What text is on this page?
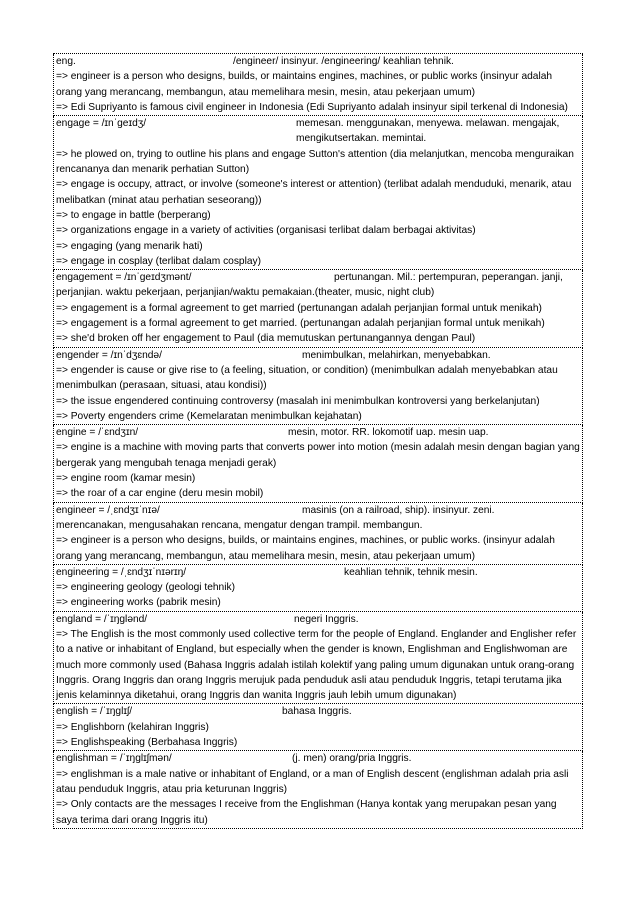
eng.	/engineer/ insinyur. /engineering/ keahlian tehnik.
=> engineer is a person who designs, builds, or maintains engines, machines, or public works (insinyur adalah orang yang merancang, membangun, atau memelihara mesin, mesin, atau pekerjaan umum)
=> Edi Supriyanto is famous civil engineer in Indonesia (Edi Supriyanto adalah insinyur sipil terkenal di Indonesia)
engage = /ɪnˈgeɪdʒ/	memesan. menggunakan, menyewa. melawan. mengajak, mengikutsertakan. memintai.
=> he plowed on, trying to outline his plans and engage Sutton's attention (dia melanjutkan, mencoba menguraikan rencananya dan menarik perhatian Sutton)
=> engage is occupy, attract, or involve (someone's interest or attention) (terlibat adalah menduduki, menarik, atau melibatkan (minat atau perhatian seseorang))
=> to engage in battle (berperang)
=> organizations engage in a variety of activities (organisasi terlibat dalam berbagai aktivitas)
=> engaging (yang menarik hati)
=> engage in cosplay (terlibat dalam cosplay)
engagement = /ɪnˈgeɪdʒmənt/	pertunangan. Mil.: pertempuran, peperangan. janji, perjanjian. waktu pekerjaan, perjanjian/waktu pemakaian.(theater, music, night club)
=> engagement is a formal agreement to get married (pertunangan adalah perjanjian formal untuk menikah)
=> engagement is a formal agreement to get married. (pertunangan adalah perjanjian formal untuk menikah)
=> she'd broken off her engagement to Paul (dia memutuskan pertunangannya dengan Paul)
engender = /ɪnˈdʒɛndə/	menimbulkan, melahirkan, menyebabkan.
=> engender is cause or give rise to (a feeling, situation, or condition) (menimbulkan adalah menyebabkan atau menimbulkan (perasaan, situasi, atau kondisi))
=> the issue engendered continuing controversy (masalah ini menimbulkan kontroversi yang berkelanjutan)
=> Poverty engenders crime (Kemelaratan menimbulkan kejahatan)
engine = /ˈɛndʒɪn/	mesin, motor. RR. lokomotif uap. mesin uap.
=> engine is a machine with moving parts that converts power into motion (mesin adalah mesin dengan bagian yang bergerak yang mengubah tenaga menjadi gerak)
=> engine room (kamar mesin)
=> the roar of a car engine (deru mesin mobil)
engineer = /ˌɛndʒɪˈnɪə/	masinis (on a railroad, ship). insinyur. zeni.
merencanakan, mengusahakan rencana, mengatur dengan trampil. membangun.
=> engineer is a person who designs, builds, or maintains engines, machines, or public works. (insinyur adalah orang yang merancang, membangun, atau memelihara mesin, mesin, atau pekerjaan umum)
engineering = /ˌɛndʒɪˈnɪərɪŋ/	keahlian tehnik, tehnik mesin.
=> engineering geology (geologi tehnik)
=> engineering works (pabrik mesin)
england = /ˈɪŋglənd/	negeri Inggris.
=> The English is the most commonly used collective term for the people of England. Englander and Englisher refer to a native or inhabitant of England, but especially when the gender is known, Englishman and Englishwoman are much more commonly used (Bahasa Inggris adalah istilah kolektif yang paling umum digunakan untuk orang-orang Inggris. Orang Inggris dan orang Inggris merujuk pada penduduk asli atau penduduk Inggris, tetapi terutama jika jenis kelaminnya diketahui, orang Inggris dan wanita Inggris jauh lebih umum digunakan)
english = /ˈɪŋglɪʃ/	bahasa Inggris.
=> Englishborn (kelahiran Inggris)
=> Englishspeaking (Berbahasa Inggris)
englishman = /ˈɪŋglɪʃmən/	(j. men) orang/pria Inggris.
=> englishman is a male native or inhabitant of England, or a man of English descent (englishman adalah pria asli atau penduduk Inggris, atau pria keturunan Inggris)
=> Only contacts are the messages I receive from the Englishman (Hanya kontak yang merupakan pesan yang saya terima dari orang Inggris itu)
